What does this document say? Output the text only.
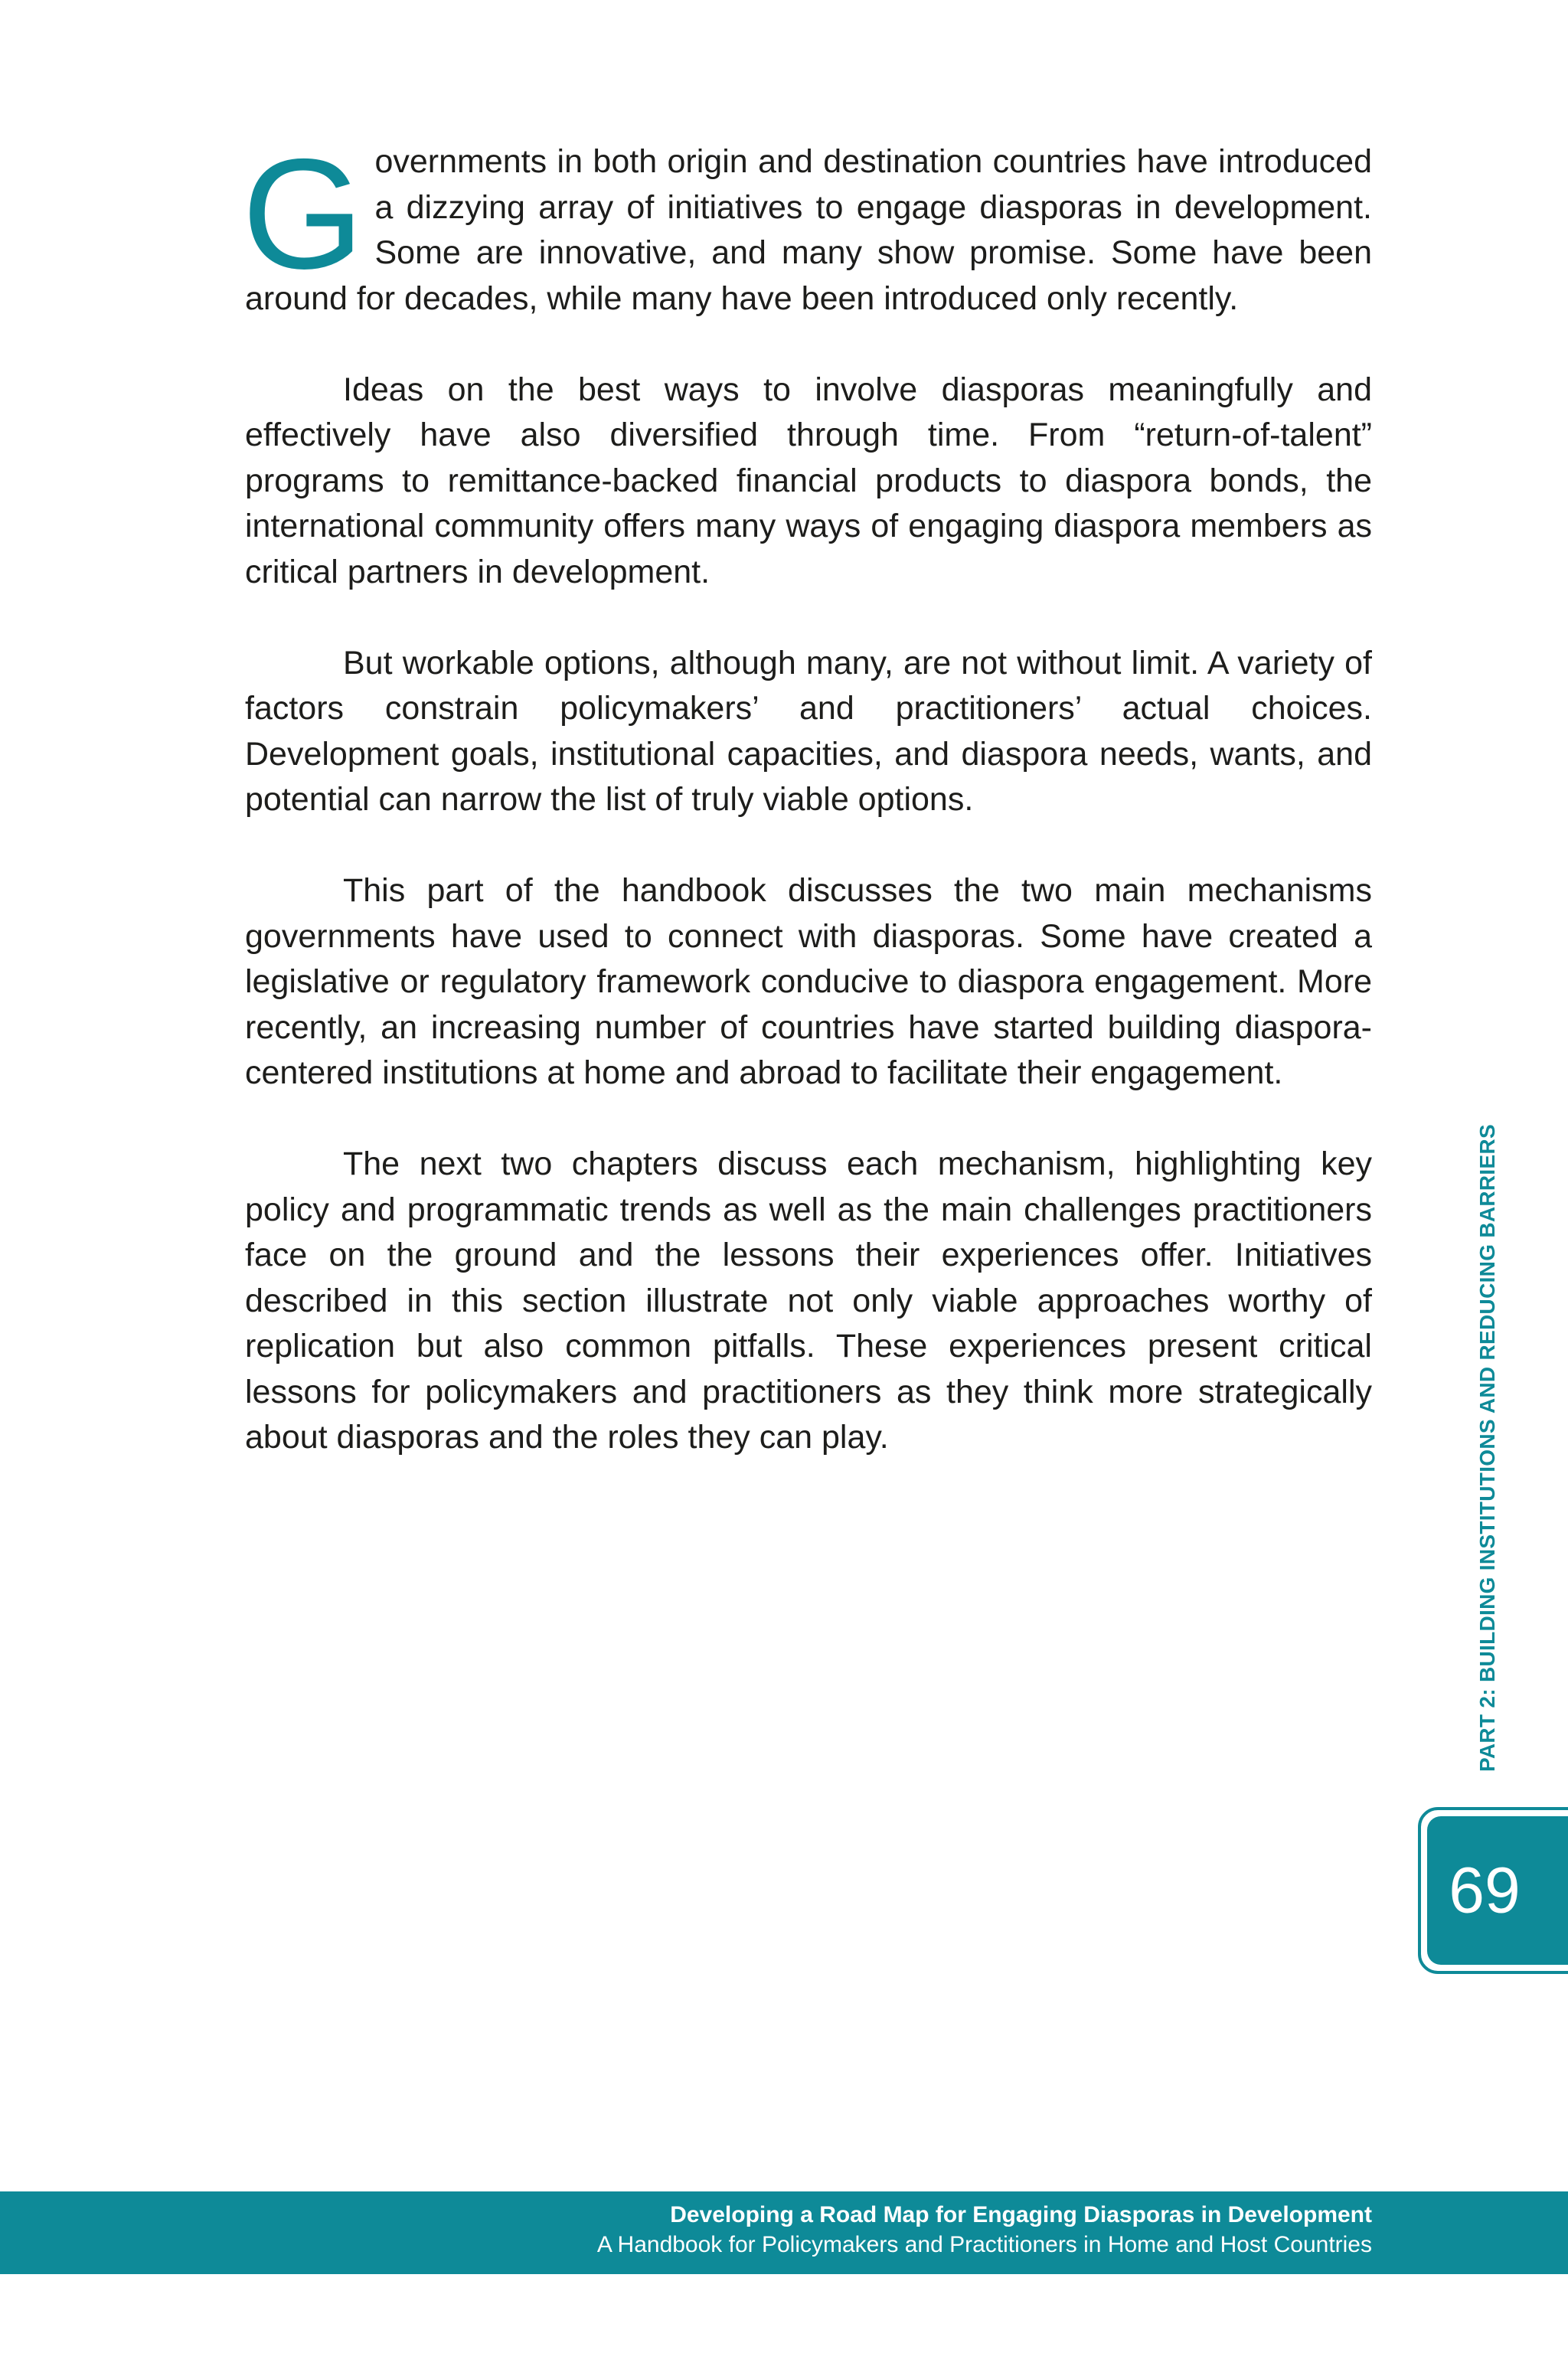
Governments in both origin and destination countries have introduced a dizzying array of initiatives to engage diasporas in development. Some are innovative, and many show promise. Some have been around for decades, while many have been introduced only recently.

Ideas on the best ways to involve diasporas meaningfully and effectively have also diversified through time. From “return-of-talent” programs to remittance-backed financial products to diaspora bonds, the international community offers many ways of engaging diaspora members as critical partners in development.

But workable options, although many, are not without limit. A variety of factors constrain policymakers’ and practitioners’ actual choices. Development goals, institutional capacities, and diaspora needs, wants, and potential can narrow the list of truly viable options.

This part of the handbook discusses the two main mechanisms governments have used to connect with diasporas. Some have created a legislative or regulatory framework conducive to diaspora engagement. More recently, an increasing number of countries have started building diaspora-centered institutions at home and abroad to facilitate their engagement.

The next two chapters discuss each mechanism, highlighting key policy and programmatic trends as well as the main challenges practitioners face on the ground and the lessons their experiences offer. Initiatives described in this section illustrate not only viable approaches worthy of replication but also common pitfalls. These experiences present critical lessons for policymakers and practitioners as they think more strategically about diasporas and the roles they can play.	PART 2: BUILDING INSTITUTIONS AND REDUCING BARRIERS
69
Developing a Road Map for Engaging Diasporas in Development
A Handbook for Policymakers and Practitioners in Home and Host Countries
